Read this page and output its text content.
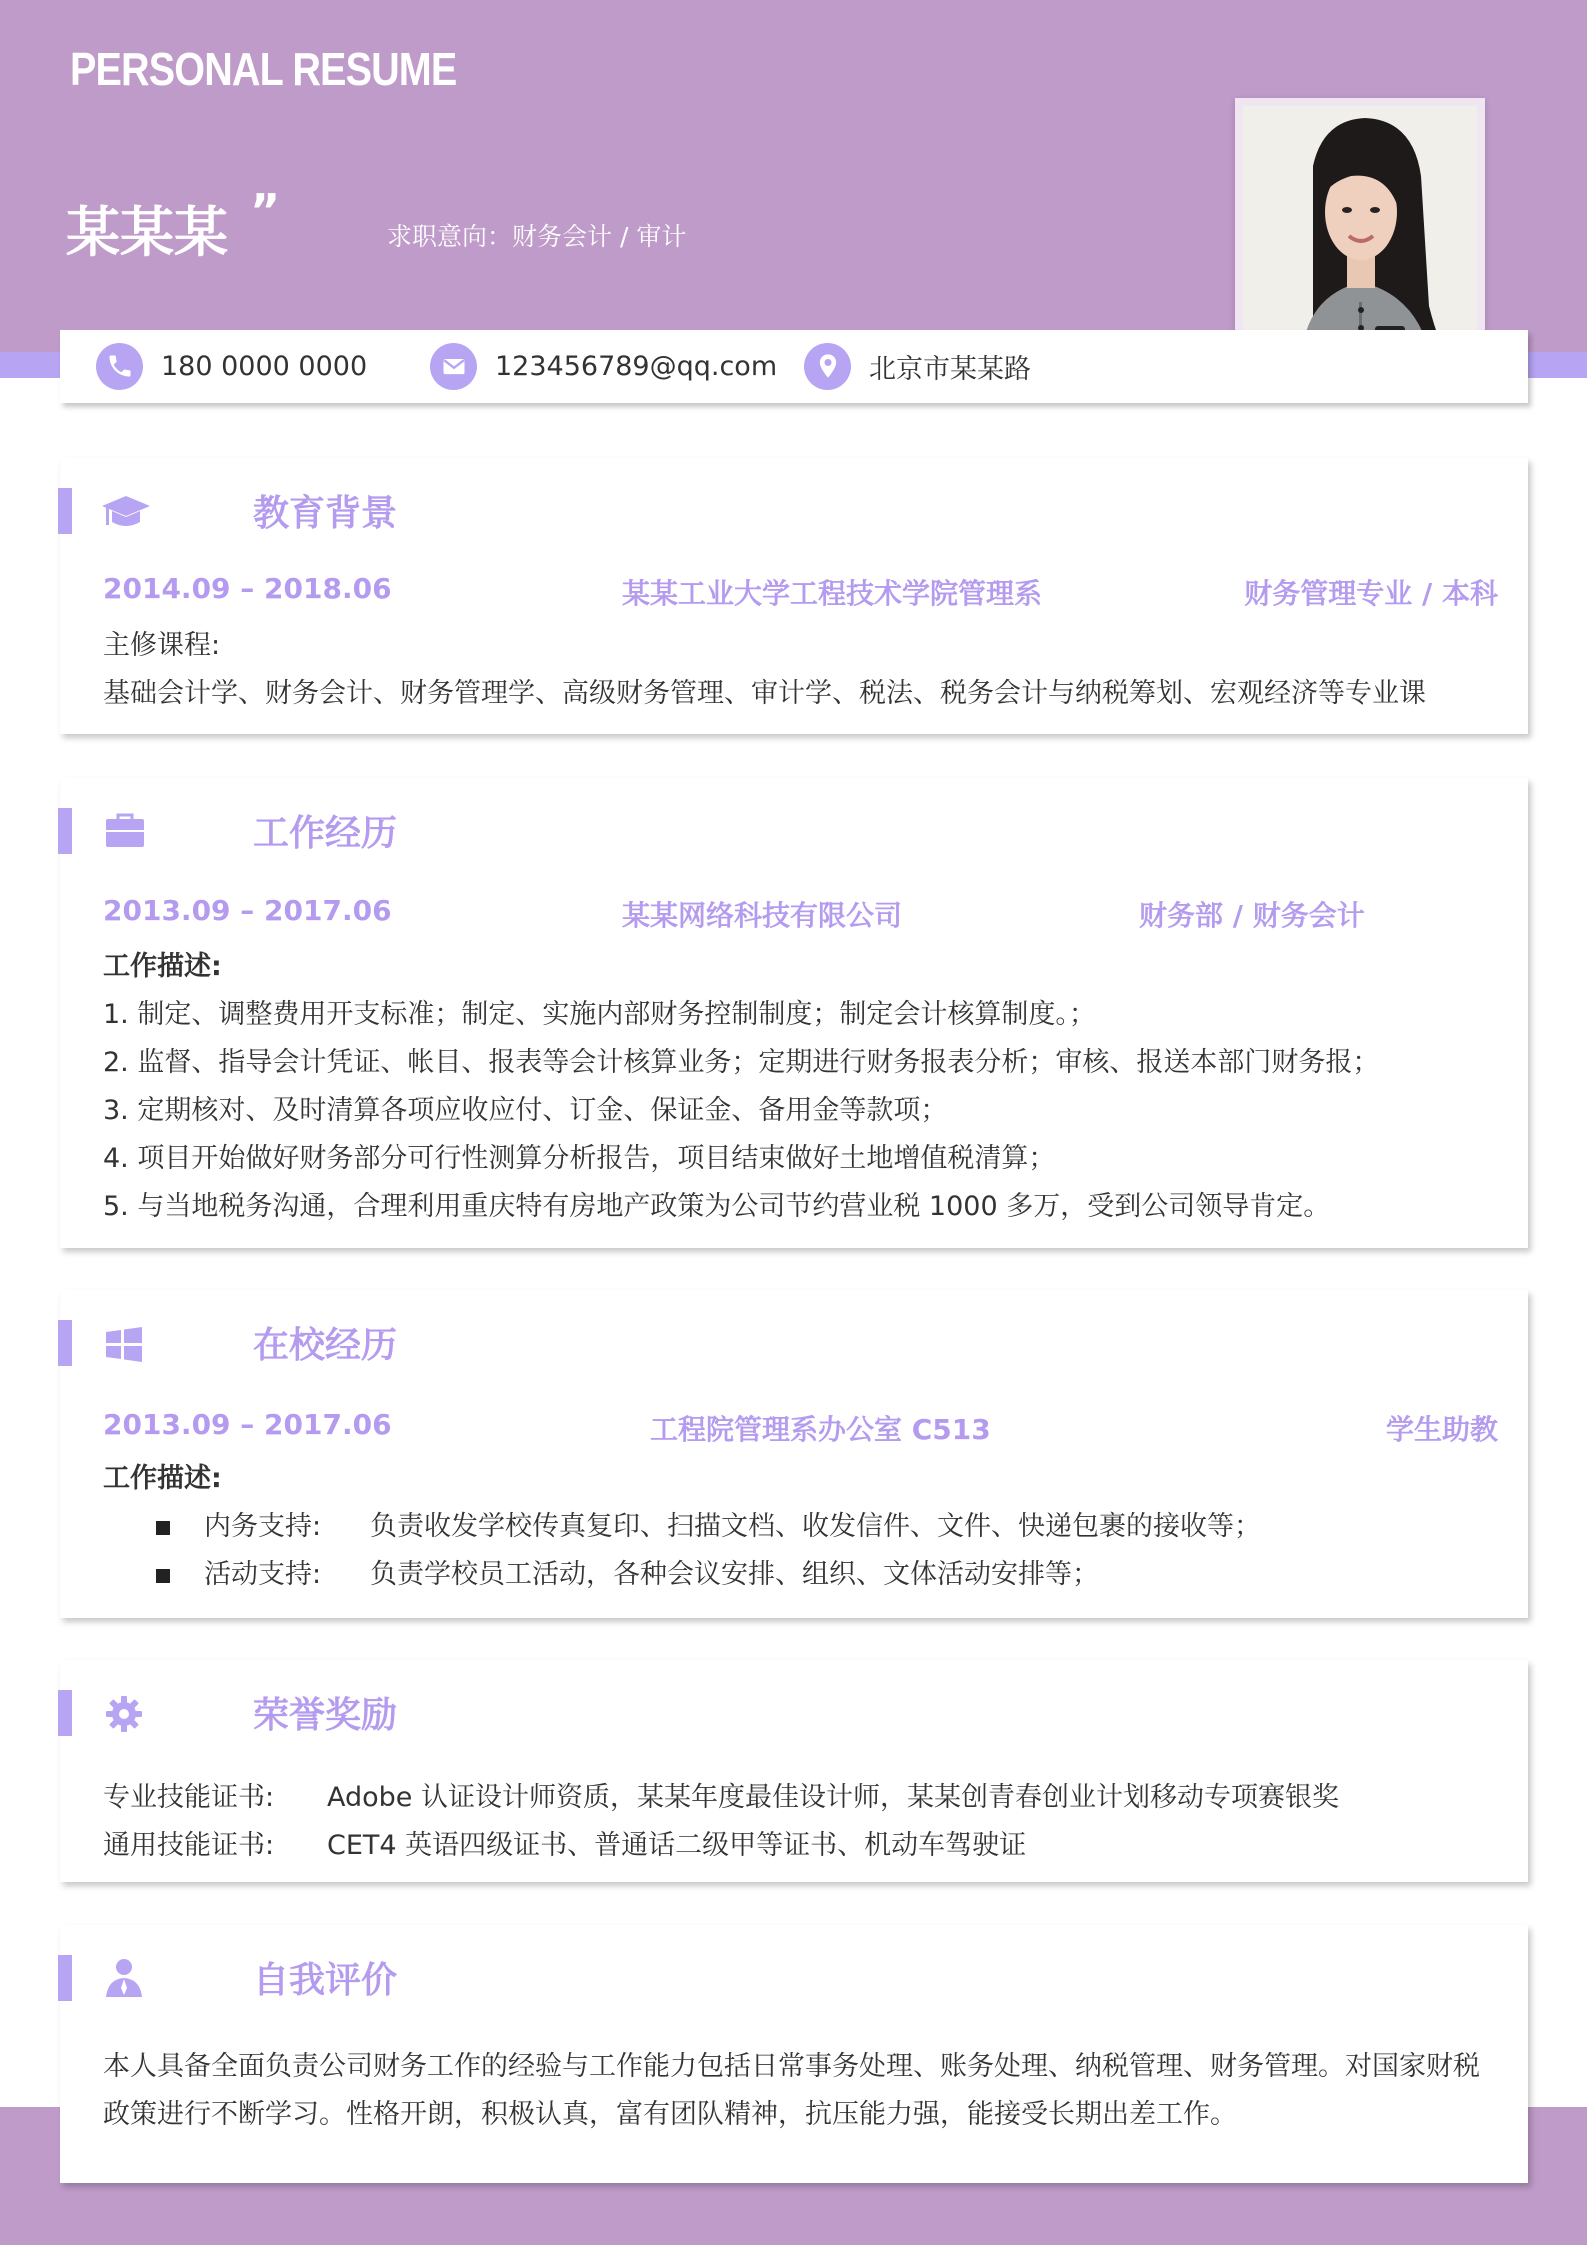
PERSONAL RESUME
某某某 ”	求职意向：财务会计 / 审计
180 0000 0000	123456789@qq.com	北京市某某路
教育背景
2014.09 – 2018.06	某某工业大学工程技术学院管理系	财务管理专业 / 本科
主修课程:
基础会计学、财务会计、财务管理学、高级财务管理、审计学、税法、税务会计与纳税筹划、宏观经济等专业课
工作经历
2013.09 – 2017.06	某某网络科技有限公司	财务部 / 财务会计
工作描述:
1. 制定、调整费用开支标准；制定、实施内部财务控制制度；制定会计核算制度。；
2. 监督、指导会计凭证、帐目、报表等会计核算业务；定期进行财务报表分析；审核、报送本部门财务报；
3. 定期核对、及时清算各项应收应付、订金、保证金、备用金等款项；
4. 项目开始做好财务部分可行性测算分析报告，项目结束做好土地增值税清算；
5. 与当地税务沟通，合理利用重庆特有房地产政策为公司节约营业税 1000 多万，受到公司领导肯定。
在校经历
2013.09 – 2017.06	工程院管理系办公室 C513	学生助教
工作描述:
内务支持: 负责收发学校传真复印、扫描文档、收发信件、文件、快递包裹的接收等；
活动支持: 负责学校员工活动，各种会议安排、组织、文体活动安排等；
荣誉奖励
专业技能证书: Adobe 认证设计师资质，某某年度最佳设计师，某某创青春创业计划移动专项赛银奖
通用技能证书: CET4 英语四级证书、普通话二级甲等证书、机动车驾驶证
自我评价
本人具备全面负责公司财务工作的经验与工作能力包括日常事务处理、账务处理、纳税管理、财务管理。对国家财税政策进行不断学习。性格开朗，积极认真，富有团队精神，抗压能力强，能接受长期出差工作。
